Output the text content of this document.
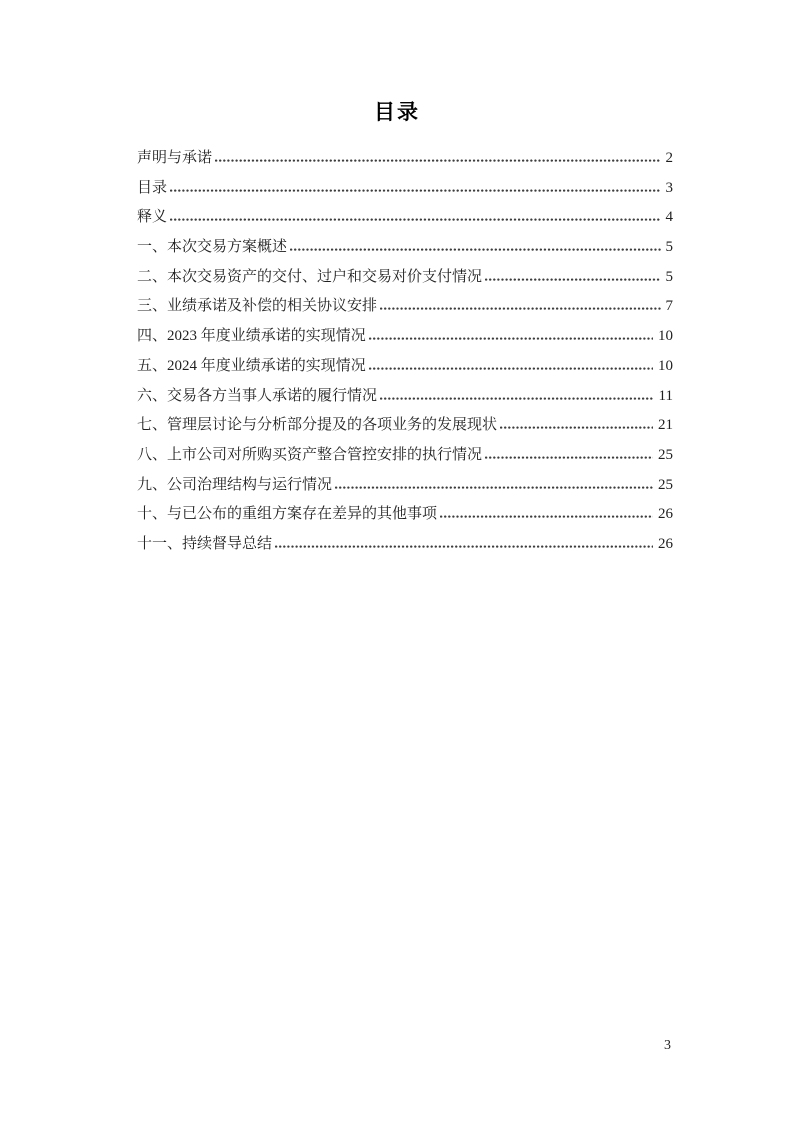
目录
声明与承诺	2
目录	3
释义	4
一、本次交易方案概述	5
二、本次交易资产的交付、过户和交易对价支付情况	5
三、业绩承诺及补偿的相关协议安排	7
四、2023 年度业绩承诺的实现情况	10
五、2024 年度业绩承诺的实现情况	10
六、交易各方当事人承诺的履行情况	11
七、管理层讨论与分析部分提及的各项业务的发展现状	21
八、上市公司对所购买资产整合管控安排的执行情况	25
九、公司治理结构与运行情况	25
十、与已公布的重组方案存在差异的其他事项	26
十一、持续督导总结	26
3
